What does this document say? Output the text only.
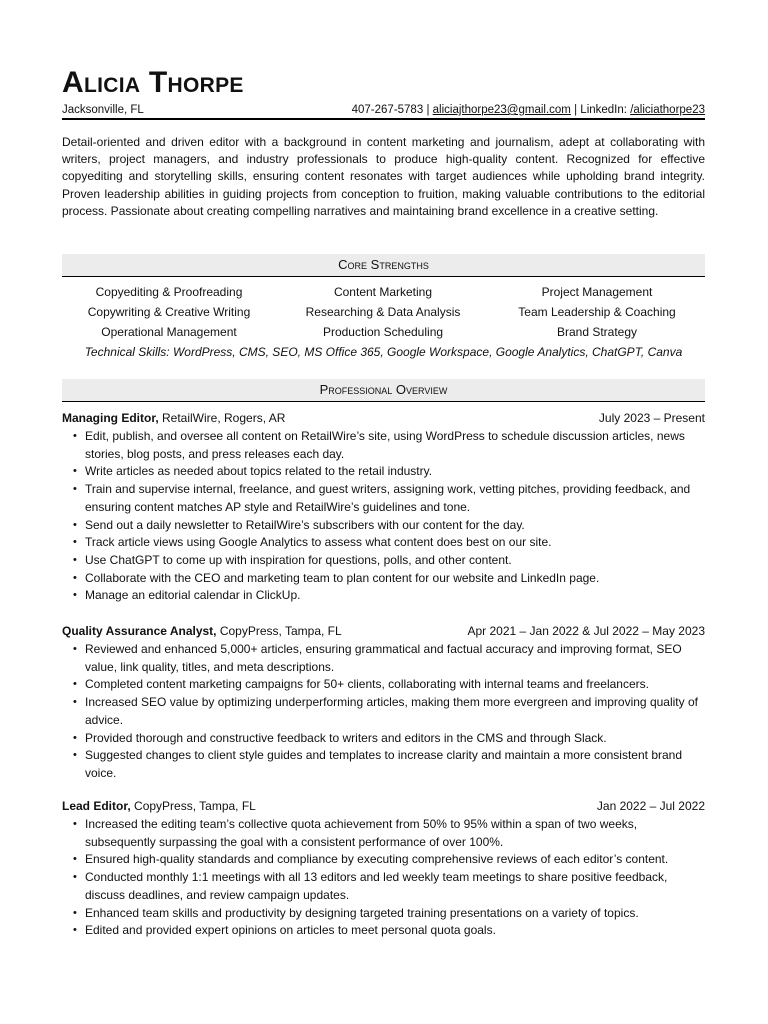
Alicia Thorpe
Jacksonville, FL	407-267-5783 | aliciajthorpe23@gmail.com | LinkedIn: /aliciathorpe23

Detail-oriented and driven editor with a background in content marketing and journalism, adept at collaborating with writers, project managers, and industry professionals to produce high-quality content. Recognized for effective copyediting and storytelling skills, ensuring content resonates with target audiences while upholding brand integrity. Proven leadership abilities in guiding projects from conception to fruition, making valuable contributions to the editorial process. Passionate about creating compelling narratives and maintaining brand excellence in a creative setting.

Core Strengths
Copyediting & Proofreading	Content Marketing	Project Management
Copywriting & Creative Writing	Researching & Data Analysis	Team Leadership & Coaching
Operational Management	Production Scheduling	Brand Strategy
Technical Skills: WordPress, CMS, SEO, MS Office 365, Google Workspace, Google Analytics, ChatGPT, Canva
Professional Overview
Managing Editor, RetailWire, Rogers, AR	July 2023 – Present
• Edit, publish, and oversee all content on RetailWire’s site, using WordPress to schedule discussion articles, news stories, blog posts, and press releases each day.
• Write articles as needed about topics related to the retail industry.
• Train and supervise internal, freelance, and guest writers, assigning work, vetting pitches, providing feedback, and ensuring content matches AP style and RetailWire’s guidelines and tone.
• Send out a daily newsletter to RetailWire’s subscribers with our content for the day.
• Track article views using Google Analytics to assess what content does best on our site.
• Use ChatGPT to come up with inspiration for questions, polls, and other content.
• Collaborate with the CEO and marketing team to plan content for our website and LinkedIn page.
• Manage an editorial calendar in ClickUp.
Quality Assurance Analyst, CopyPress, Tampa, FL	Apr 2021 – Jan 2022 & Jul 2022 – May 2023
• Reviewed and enhanced 5,000+ articles, ensuring grammatical and factual accuracy and improving format, SEO value, link quality, titles, and meta descriptions.
• Completed content marketing campaigns for 50+ clients, collaborating with internal teams and freelancers.
• Increased SEO value by optimizing underperforming articles, making them more evergreen and improving quality of advice.
• Provided thorough and constructive feedback to writers and editors in the CMS and through Slack.
• Suggested changes to client style guides and templates to increase clarity and maintain a more consistent brand voice.
Lead Editor, CopyPress, Tampa, FL	Jan 2022 – Jul 2022
• Increased the editing team’s collective quota achievement from 50% to 95% within a span of two weeks, subsequently surpassing the goal with a consistent performance of over 100%.
• Ensured high-quality standards and compliance by executing comprehensive reviews of each editor’s content.
• Conducted monthly 1:1 meetings with all 13 editors and led weekly team meetings to share positive feedback, discuss deadlines, and review campaign updates.
• Enhanced team skills and productivity by designing targeted training presentations on a variety of topics.
• Edited and provided expert opinions on articles to meet personal quota goals.
